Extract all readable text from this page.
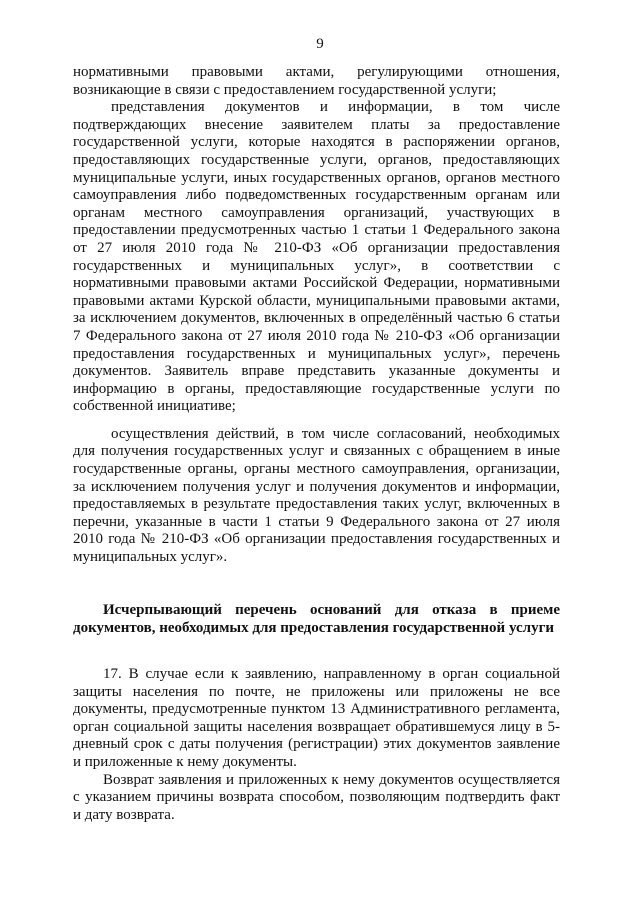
9

нормативными правовыми актами, регулирующими отношения, возникающие в связи с предоставлением государственной услуги;

представления документов и информации, в том числе подтверждающих внесение заявителем платы за предоставление государственной услуги, которые находятся в распоряжении органов, предоставляющих государственные услуги, органов, предоставляющих муниципальные услуги, иных государственных органов, органов местного самоуправления либо подведомственных государственным органам или органам местного самоуправления организаций, участвующих в предоставлении предусмотренных частью 1 статьи 1 Федерального закона от 27 июля 2010 года № 210-ФЗ «Об организации предоставления государственных и муниципальных услуг», в соответствии с нормативными правовыми актами Российской Федерации, нормативными правовыми актами Курской области, муниципальными правовыми актами, за исключением документов, включенных в определённый частью 6 статьи 7 Федерального закона от 27 июля 2010 года № 210-ФЗ «Об организации предоставления государственных и муниципальных услуг», перечень документов. Заявитель вправе представить указанные документы и информацию в органы, предоставляющие государственные услуги по собственной инициативе;

осуществления действий, в том числе согласований, необходимых для получения государственных услуг и связанных с обращением в иные государственные органы, органы местного самоуправления, организации, за исключением получения услуг и получения документов и информации, предоставляемых в результате предоставления таких услуг, включенных в перечни, указанные в части 1 статьи 9 Федерального закона от 27 июля 2010 года № 210-ФЗ «Об организации предоставления государственных и муниципальных услуг».

Исчерпывающий перечень оснований для отказа в приеме документов, необходимых для предоставления государственной услуги

17. В случае если к заявлению, направленному в орган социальной защиты населения по почте, не приложены или приложены не все документы, предусмотренные пунктом 13 Административного регламента, орган социальной защиты населения возвращает обратившемуся лицу в 5-дневный срок с даты получения (регистрации) этих документов заявление и приложенные к нему документы.

Возврат заявления и приложенных к нему документов осуществляется с указанием причины возврата способом, позволяющим подтвердить факт и дату возврата.
